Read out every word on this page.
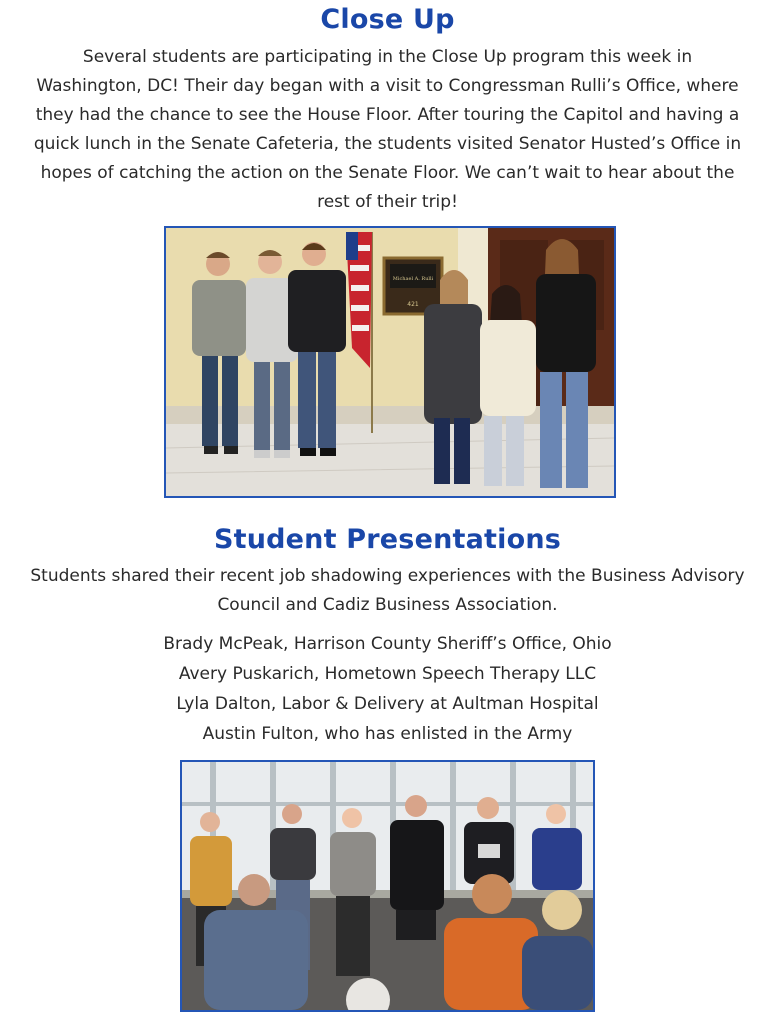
Close Up

Several students are participating in the Close Up program this week in Washington, DC! Their day began with a visit to Congressman Rulli’s Office, where they had the chance to see the House Floor. After touring the Capitol and having a quick lunch in the Senate Cafeteria, the students visited Senator Husted’s Office in hopes of catching the action on the Senate Floor. We can’t wait to hear about the rest of their trip!

Michael A. Rulli
421
Student Presentations

Students shared their recent job shadowing experiences with the Business Advisory Council and Cadiz Business Association.

Brady McPeak, Harrison County Sheriff’s Office, Ohio
Avery Puskarich, Hometown Speech Therapy LLC
Lyla Dalton, Labor & Delivery at Aultman Hospital
Austin Fulton, who has enlisted in the Army
